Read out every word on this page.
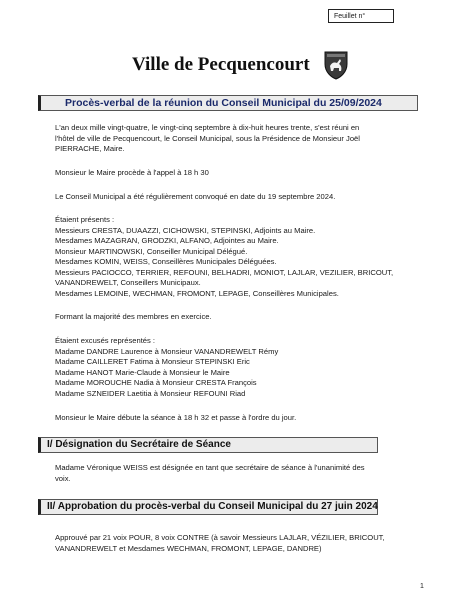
Feuillet n°
Ville de Pecquencourt
Procès-verbal de la réunion du Conseil Municipal du 25/09/2024
L'an deux mille vingt-quatre, le vingt-cinq septembre à dix-huit heures trente, s'est réuni en
l'hôtel de ville de Pecquencourt, le Conseil Municipal, sous la Présidence de Monsieur Joël
PIERRACHE, Maire.
Monsieur le Maire procède à l'appel à 18 h 30
Le Conseil Municipal a été régulièrement convoqué en date du 19 septembre 2024.
Étaient présents :
Messieurs CRESTA, DUAAZZI, CICHOWSKI, STEPINSKI, Adjoints au Maire.
Mesdames MAZAGRAN, GRODZKI, ALFANO, Adjointes au Maire.
Monsieur MARTINOWSKI, Conseiller Municipal Délégué.
Mesdames KOMIN, WEISS, Conseillères Municipales Déléguées.
Messieurs PACIOCCO, TERRIER, REFOUNI, BELHADRI, MONIOT, LAJLAR, VEZILIER, BRICOUT,
VANANDREWELT, Conseillers Municipaux.
Mesdames LEMOINE, WECHMAN, FROMONT, LEPAGE, Conseillères Municipales.
Formant la majorité des membres en exercice.
Étaient excusés représentés :
Madame DANDRE Laurence à Monsieur VANANDREWELT Rémy
Madame CAILLERET Fatima à Monsieur STEPINSKI Eric
Madame HANOT Marie-Claude à Monsieur le Maire
Madame MOROUCHE Nadia à Monsieur CRESTA François
Madame SZNEIDER Laetitia à Monsieur REFOUNI Riad
Monsieur le Maire débute la séance à 18 h 32 et passe à l'ordre du jour.
I/ Désignation du Secrétaire de Séance
Madame Véronique WEISS est désignée en tant que secrétaire de séance à l'unanimité des
voix.
II/ Approbation du procès-verbal du Conseil Municipal du 27 juin 2024
Approuvé par 21 voix POUR, 8 voix CONTRE (à savoir Messieurs LAJLAR, VÉZILIER, BRICOUT,
VANANDREWELT et Mesdames WECHMAN, FROMONT, LEPAGE, DANDRE)
1
